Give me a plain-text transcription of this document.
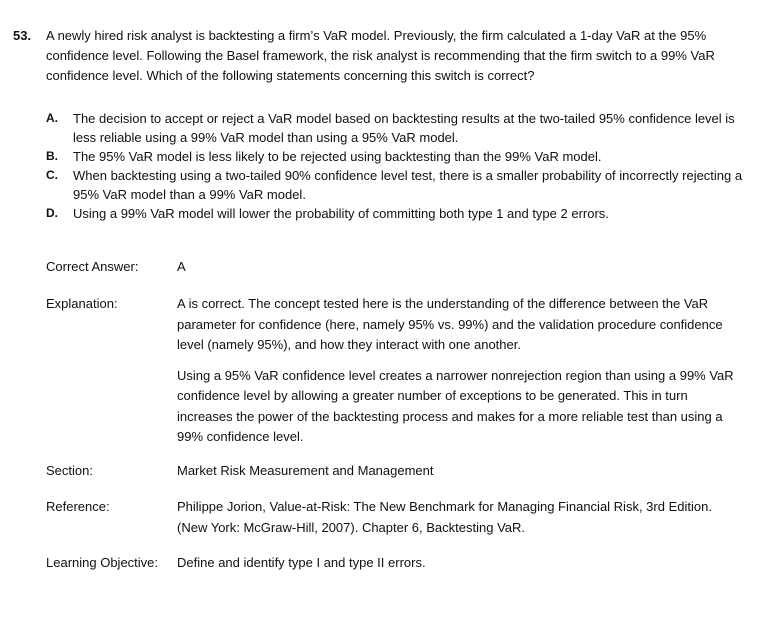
53. A newly hired risk analyst is backtesting a firm’s VaR model. Previously, the firm calculated a 1-day VaR at the 95% confidence level. Following the Basel framework, the risk analyst is recommending that the firm switch to a 99% VaR confidence level. Which of the following statements concerning this switch is correct?
A. The decision to accept or reject a VaR model based on backtesting results at the two-tailed 95% confidence level is less reliable using a 99% VaR model than using a 95% VaR model.
B. The 95% VaR model is less likely to be rejected using backtesting than the 99% VaR model.
C. When backtesting using a two-tailed 90% confidence level test, there is a smaller probability of incorrectly rejecting a 95% VaR model than a 99% VaR model.
D. Using a 99% VaR model will lower the probability of committing both type 1 and type 2 errors.
Correct Answer:	A
Explanation:	A is correct. The concept tested here is the understanding of the difference between the VaR parameter for confidence (here, namely 95% vs. 99%) and the validation procedure confidence level (namely 95%), and how they interact with one another.

Using a 95% VaR confidence level creates a narrower nonrejection region than using a 99% VaR confidence level by allowing a greater number of exceptions to be generated. This in turn increases the power of the backtesting process and makes for a more reliable test than using a 99% confidence level.

Section:	Market Risk Measurement and Management
Reference:	Philippe Jorion, Value-at-Risk: The New Benchmark for Managing Financial Risk, 3rd Edition. (New York: McGraw-Hill, 2007). Chapter 6, Backtesting VaR.
Learning Objective: Define and identify type I and type II errors.
